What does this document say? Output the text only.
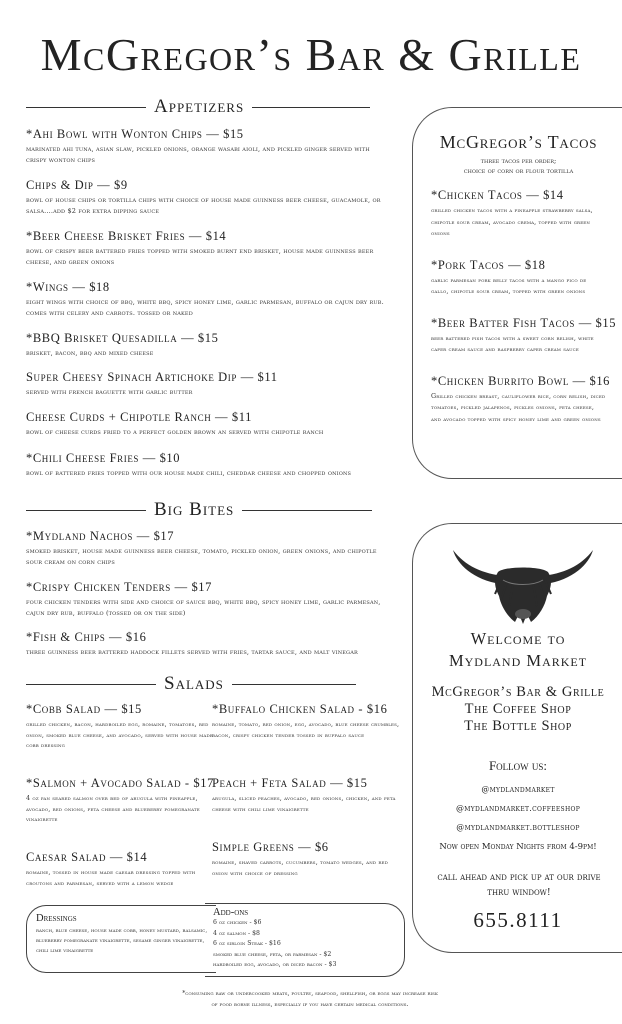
McGregor’s Bar & Grille
Appetizers
*Ahi Bowl with Wonton Chips — $15

marinated ahi tuna, asian slaw, pickled onions, orange wasabi aioli, and pickled ginger served with crispy wonton chips

Chips & Dip — $9

bowl of house chips or tortilla chips with choice of house made guinness beer cheese, guacamole, or salsa....add $2 for extra dipping sauce

*Beer Cheese Brisket Fries — $14

bowl of crispy beer battered fries topped with smoked burnt end brisket, house made guinness beer cheese, and green onions

*Wings — $18

eight wings with choice of bbq, white bbq, spicy honey lime, garlic parmesan, buffalo or cajun dry rub. comes with celery and carrots. tossed or naked

*BBQ Brisket Quesadilla — $15

brisket, bacon, bbq and mixed cheese

Super Cheesy Spinach Artichoke Dip — $11

served with french baguette with garlic butter

Cheese Curds + Chipotle Ranch — $11

bowl of cheese curds fried to a perfect golden brown an served with chipotle ranch

*Chili Cheese Fries — $10

bowl of battered fries topped with our house made chili, cheddar cheese and chopped onions

Big Bites
*Mydland Nachos — $17

smoked brisket, house made guinness beer cheese, tomato, pickled onion, green onions, and chipotle sour cream on corn chips

*Crispy Chicken Tenders — $17

four chicken tenders with side and choice of sauce bbq, white bbq, spicy honey lime, garlic parmesan, cajun dry rub, buffalo (tossed or on the side)

*Fish & Chips — $16

three guinness beer battered haddock fillets served with fries, tartar sauce, and malt vinegar

Salads
*Cobb Salad — $15

grilled chicken, bacon, hardboiled egg, romaine, tomatoes, red onion, smoked blue cheese, and avocado, served with house made cobb dressing

*Buffalo Chicken Salad - $16

romaine, tomato, red onion, egg, avocado, blue cheese crumbles, bacon, crispy chicken tender tossed in buffalo sauce

*Salmon + Avocado Salad - $17

4 oz pan seared salmon over bed of arugula with pineapple, avocado, red onions, feta cheese and blueberry pomegranate vinaigrette

Peach + Feta Salad — $15

arugula, sliced peaches, avocado, red onions, chicken, and feta cheese with chili lime vinaigrette

Caesar Salad — $14

romaine, tossed in house made caesar dressing topped with croutons and parmesan, served with a lemon wedge

Simple Greens — $6

romaine, shaved carrots, cucumbers, tomato wedges, and red onion with choice of dressing

Dressings

ranch, blue cheese, house made cobb, honey mustard, balsamic, blueberry pomegranate vinaigrette, sesame ginger vinaigrette, chili lime vinaigrette

Add-ons
6 oz chicken - $6
4 oz salmon - $8
6 oz sirloin Steak - $16
smoked blue cheese, feta, or parmesan - $2
hardboiled egg, avocado, or diced bacon - $3
McGregor’s Tacos
three tacos per order;
choice of corn or flour tortilla
*Chicken Tacos — $14

grilled chicken tacos with a pineapple strawberry salsa, chipotle sour cream, avocado crema, topped with green onions

*Pork Tacos — $18

garlic parmesan pork belly tacos with a mango pico de gallo, chipotle sour cream, topped with green onions

*Beer Batter Fish Tacos — $15

beer battered fish tacos with a sweet corn relish, white caper cream sauce and raspberry caper cream sauce

*Chicken Burrito Bowl — $16

Grilled chicken breast, cauliflower rice, corn relish, diced tomatoes, pickled jalapenos, pickles onions, feta cheese, and avocado topped with spicy honey lime and green onions

Welcome to
Mydland Market
McGregor’s Bar & Grille
The Coffee Shop
The Bottle Shop
Follow us:
@mydlandmarket
@mydlandmarket.coffeeshop
@mydlandmarket.bottleshop
Now open Monday Nights from 4-9pm!
call ahead and pick up at our drive thru window!
655.8111
*consuming raw or undercooked meats, poultry, seafood, shellfish, or eggs may increase risk
of food borne illness, especially if you have certain medical conditions.
